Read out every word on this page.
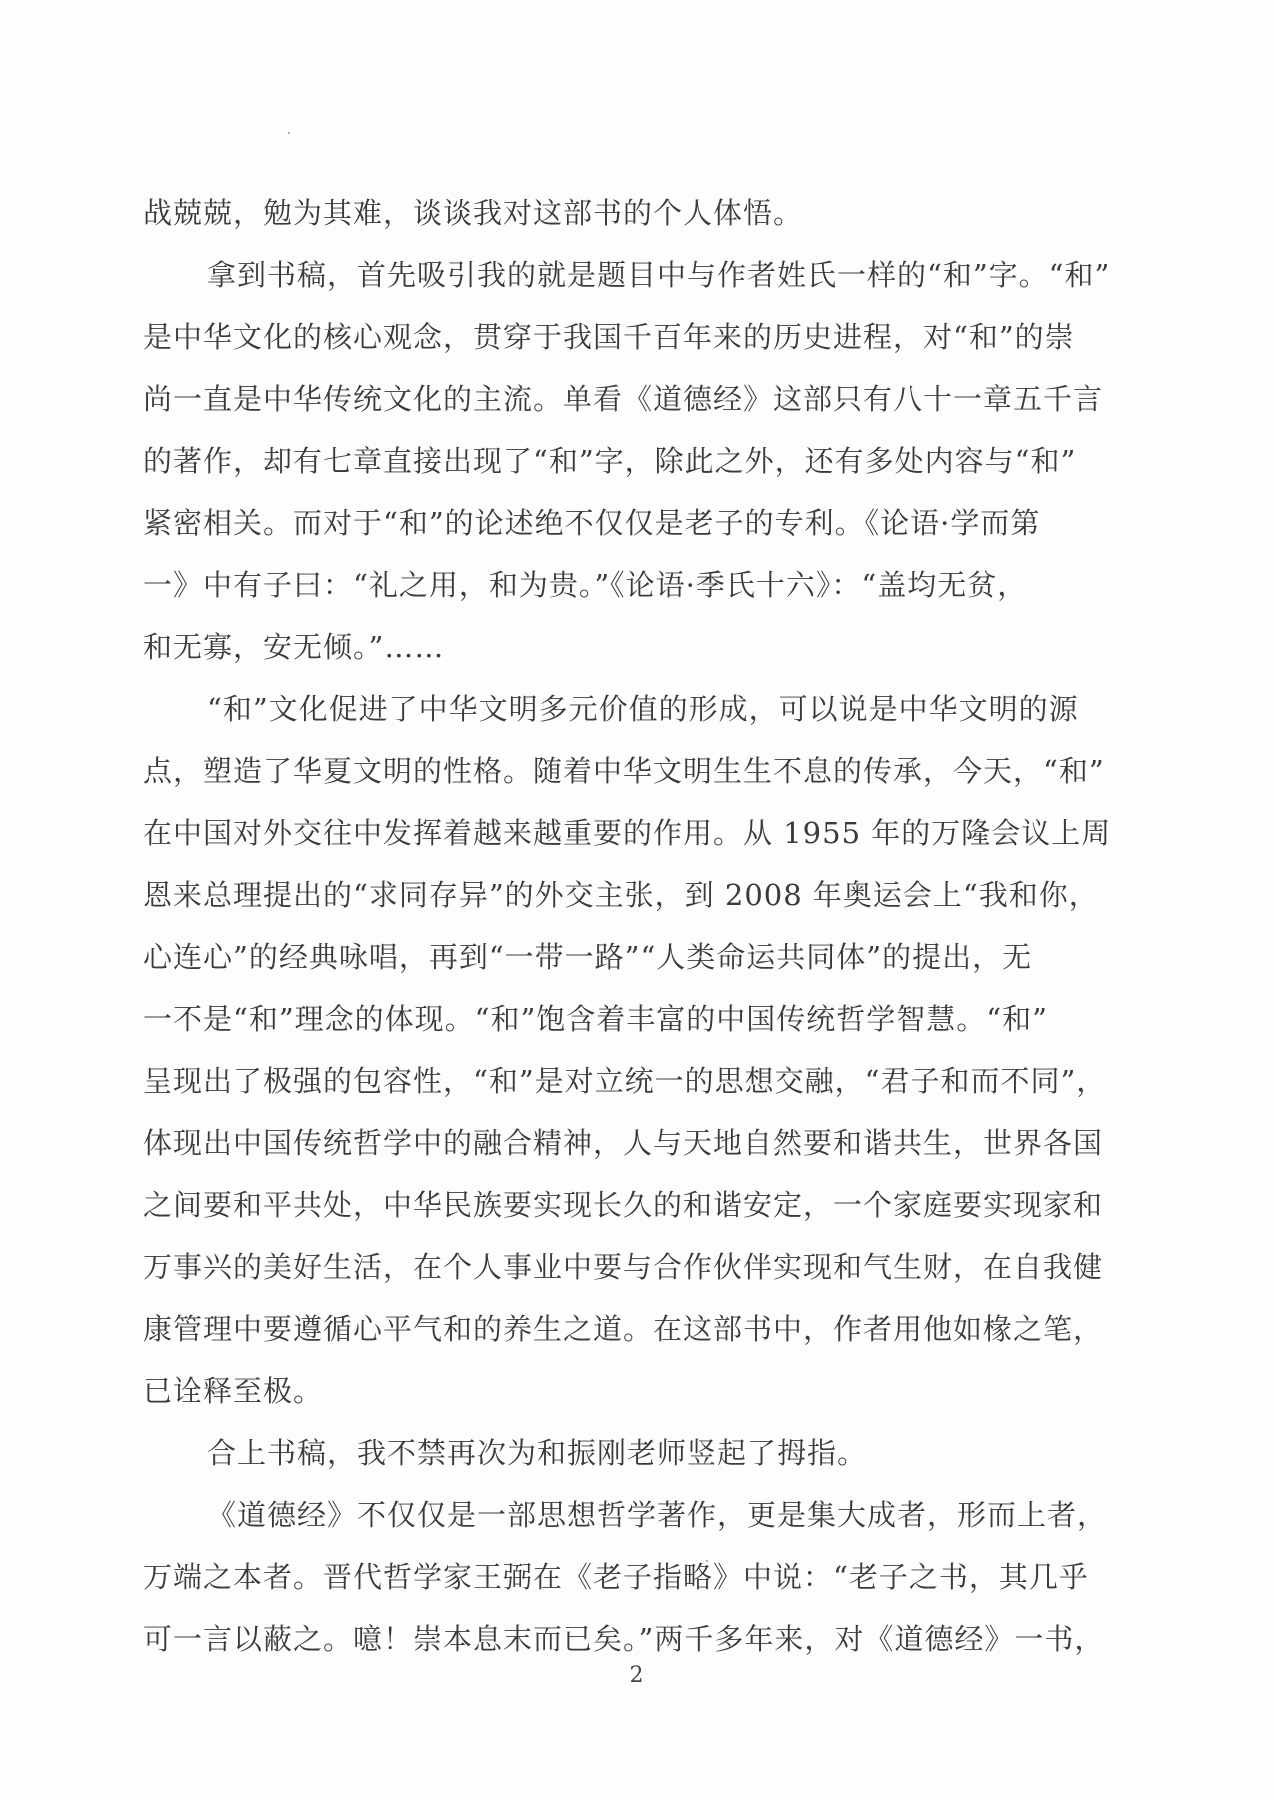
战兢兢，勉为其难，谈谈我对这部书的个人体悟。
拿到书稿，首先吸引我的就是题目中与作者姓氏一样的“和”字。“和”
是中华文化的核心观念，贯穿于我国千百年来的历史进程，对“和”的崇
尚一直是中华传统文化的主流。单看《道德经》这部只有八十一章五千言
的著作，却有七章直接出现了“和”字，除此之外，还有多处内容与“和”
紧密相关。而对于“和”的论述绝不仅仅是老子的专利。《论语·学而第
一》中有子曰：“礼之用，和为贵。”《论语·季氏十六》：“盖均无贫，
和无寡，安无倾。”……
“和”文化促进了中华文明多元价值的形成，可以说是中华文明的源
点，塑造了华夏文明的性格。随着中华文明生生不息的传承，今天，“和”
在中国对外交往中发挥着越来越重要的作用。从 1955 年的万隆会议上周
恩来总理提出的“求同存异”的外交主张，到 2008 年奥运会上“我和你，
心连心”的经典咏唱，再到“一带一路”“人类命运共同体”的提出，无
一不是“和”理念的体现。“和”饱含着丰富的中国传统哲学智慧。“和”
呈现出了极强的包容性，“和”是对立统一的思想交融，“君子和而不同”，
体现出中国传统哲学中的融合精神，人与天地自然要和谐共生，世界各国
之间要和平共处，中华民族要实现长久的和谐安定，一个家庭要实现家和
万事兴的美好生活，在个人事业中要与合作伙伴实现和气生财，在自我健
康管理中要遵循心平气和的养生之道。在这部书中，作者用他如椽之笔，
已诠释至极。
合上书稿，我不禁再次为和振刚老师竖起了拇指。
《道德经》不仅仅是一部思想哲学著作，更是集大成者，形而上者，
万端之本者。晋代哲学家王弼在《老子指略》中说：“老子之书，其几乎
可一言以蔽之。噫！崇本息末而已矣。”两千多年来，对《道德经》一书，
2
